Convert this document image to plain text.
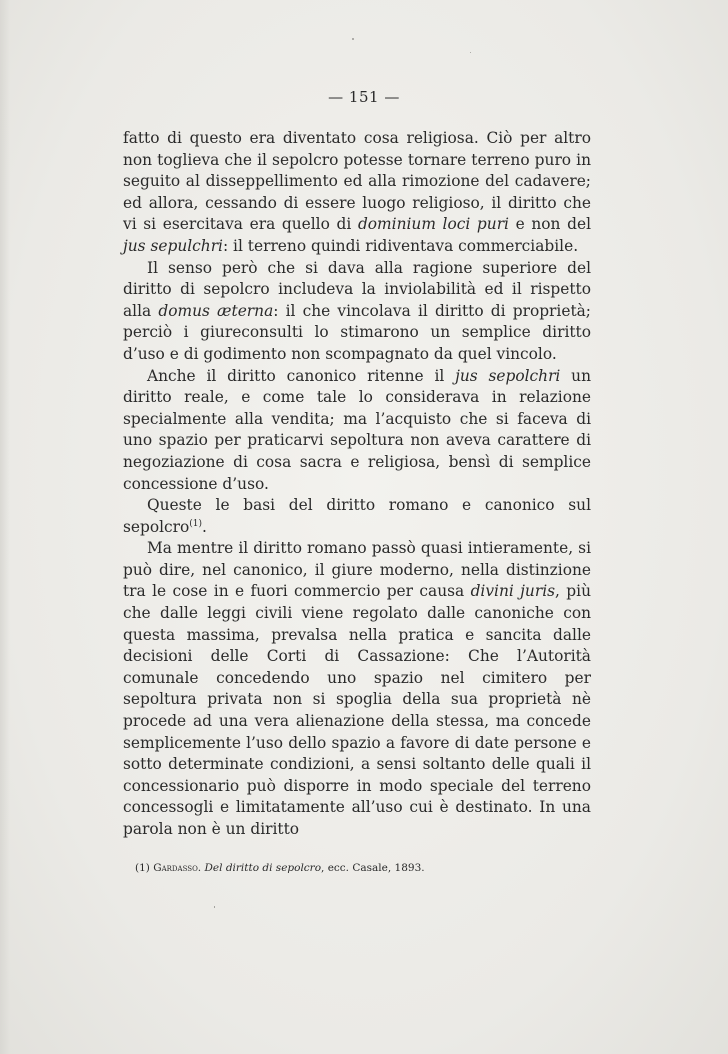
— 151 —

fatto di questo era diventato cosa religiosa. Ciò per altro non toglieva che il sepolcro potesse tornare terreno puro in seguito al disseppellimento ed alla rimozione del cadavere; ed allora, cessando di essere luogo religioso, il diritto che vi si esercitava era quello di dominium loci puri e non del jus sepulchri: il terreno quindi ridiventava commerciabile.

Il senso però che si dava alla ragione superiore del diritto di sepolcro includeva la inviolabilità ed il rispetto alla domus æterna: il che vincolava il diritto di proprietà; perciò i giureconsulti lo stimarono un semplice diritto d’uso e di godimento non scompagnato da quel vincolo.

Anche il diritto canonico ritenne il jus sepolchri un diritto reale, e come tale lo considerava in relazione specialmente alla vendita; ma l’acquisto che si faceva di uno spazio per praticarvi sepoltura non aveva carattere di negoziazione di cosa sacra e religiosa, bensì di semplice concessione d’uso.

Queste le basi del diritto romano e canonico sul sepolcro$^{(1)}$.

Ma mentre il diritto romano passò quasi intieramente, si può dire, nel canonico, il giure moderno, nella distinzione tra le cose in e fuori commercio per causa divini juris, più che dalle leggi civili viene regolato dalle canoniche con questa massima, prevalsa nella pratica e sancita dalle decisioni delle Corti di Cassazione: Che l’Autorità comunale concedendo uno spazio nel cimitero per sepoltura privata non si spoglia della sua proprietà nè procede ad una vera alienazione della stessa, ma concede semplicemente l’uso dello spazio a favore di date persone e sotto determinate condizioni, a sensi soltanto delle quali il concessionario può disporre in modo speciale del terreno concessogli e limitatamente all’uso cui è destinato. In una parola non è un diritto

(1) Gardasso. Del diritto di sepolcro, ecc. Casale, 1893.
